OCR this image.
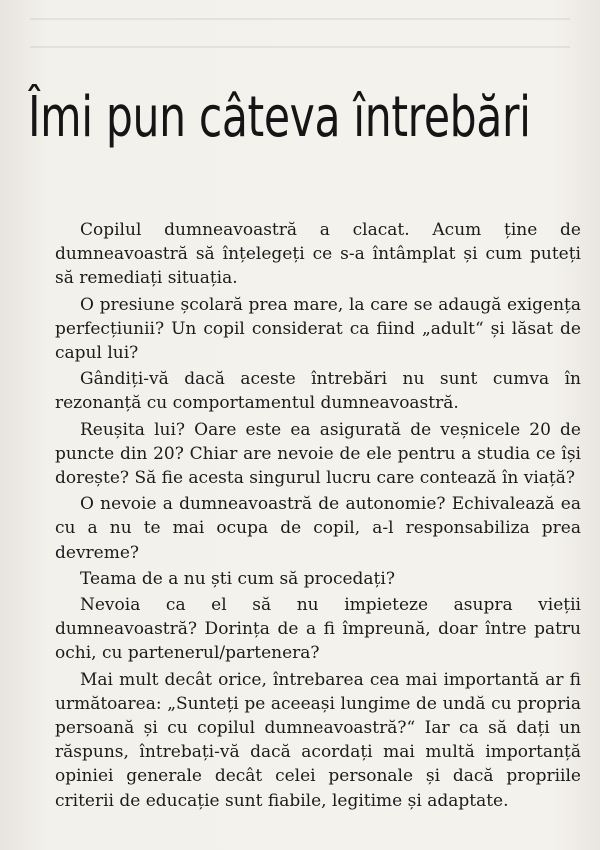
Îmi pun câteva întrebări

Copilul dumneavoastră a clacat. Acum ține de dumneavoastră să înțelegeți ce s-a întâmplat și cum puteți să remediați situația.

O presiune școlară prea mare, la care se adaugă exigența perfecțiunii? Un copil considerat ca fiind „adult“ și lăsat de capul lui?

Gândiți-vă dacă aceste întrebări nu sunt cumva în rezonanță cu comportamentul dumneavoastră.

Reușita lui? Oare este ea asigurată de veșnicele 20 de puncte din 20? Chiar are nevoie de ele pentru a studia ce își dorește? Să fie acesta singurul lucru care contează în viață?

O nevoie a dumneavoastră de autonomie? Echivalează ea cu a nu te mai ocupa de copil, a-l responsabiliza prea devreme?

Teama de a nu ști cum să procedați?

Nevoia ca el să nu impieteze asupra vieții dumneavoastră? Dorința de a fi împreună, doar între patru ochi, cu partenerul/partenera?

Mai mult decât orice, întrebarea cea mai importantă ar fi următoarea: „Sunteți pe aceeași lungime de undă cu propria persoană și cu copilul dumneavoastră?“ Iar ca să dați un răspuns, întrebați-vă dacă acordați mai multă importanță opiniei generale decât celei personale și dacă propriile criterii de educație sunt fiabile, legitime și adaptate.
